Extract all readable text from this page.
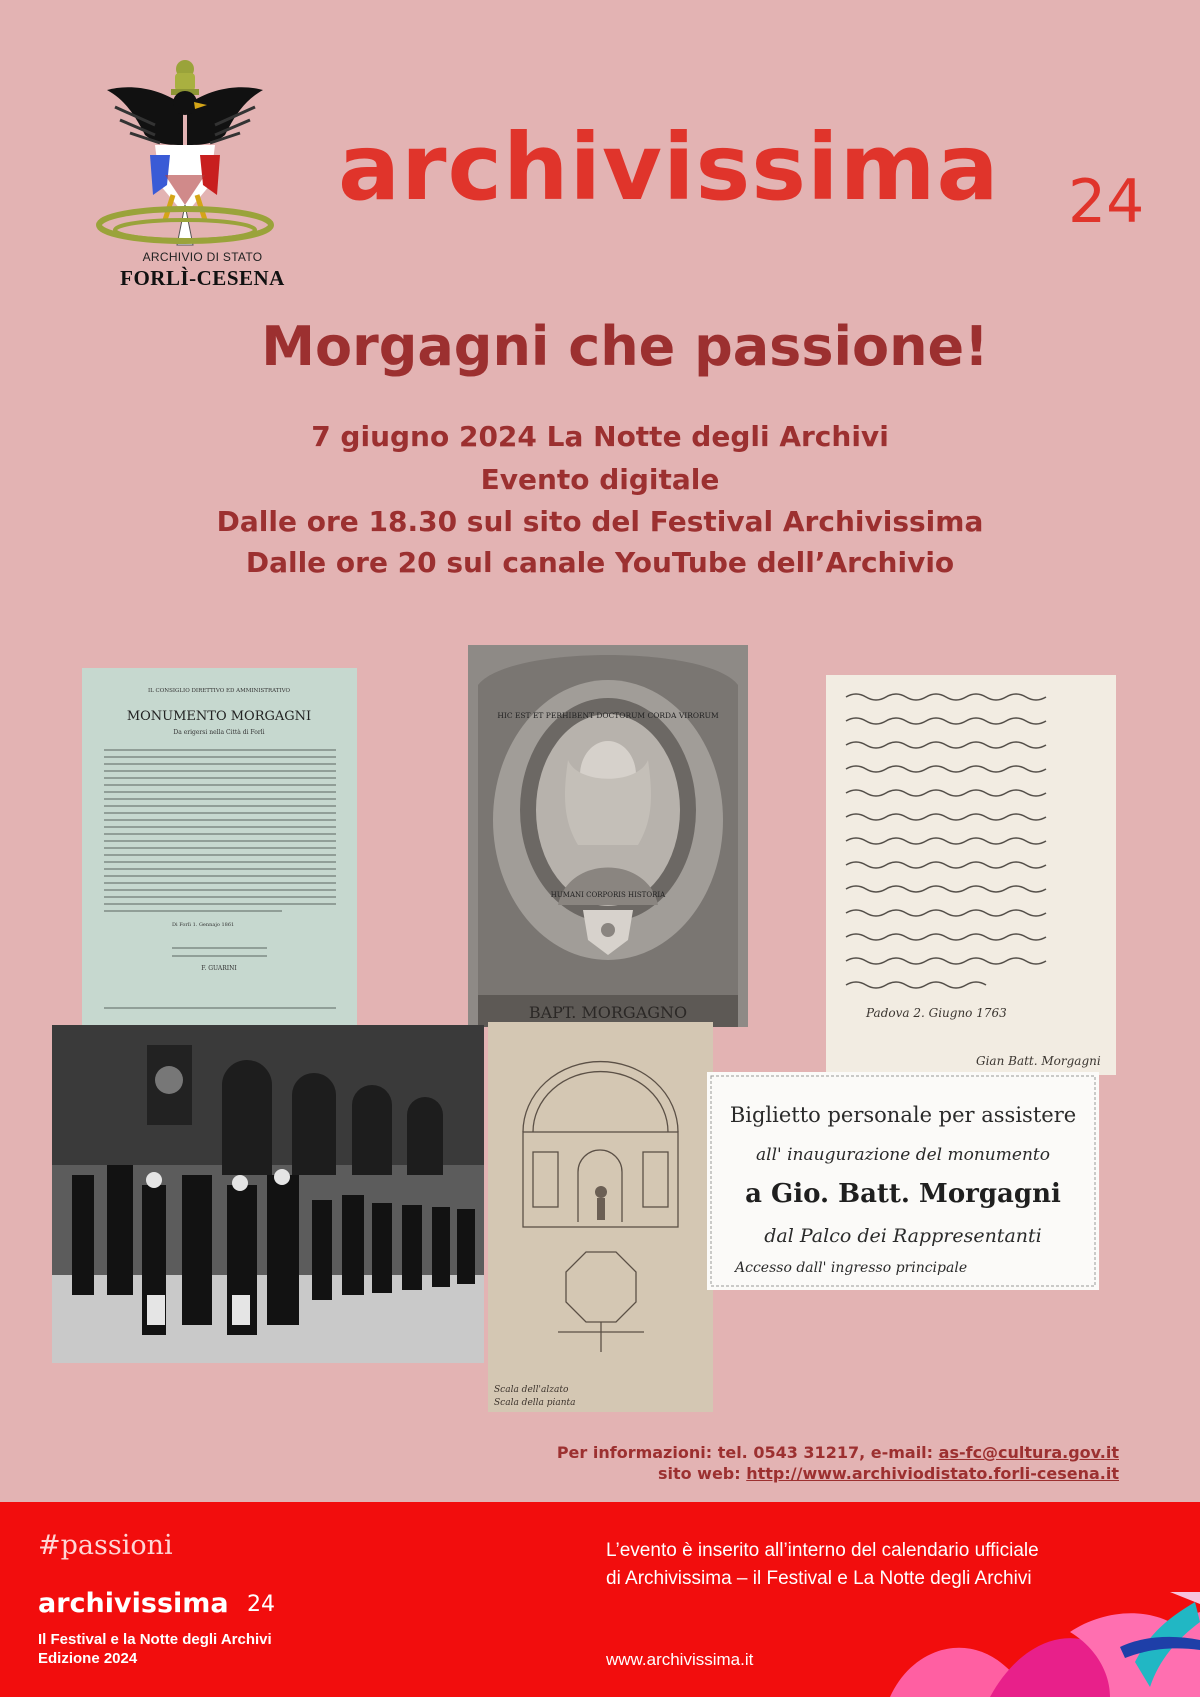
ARCHIVIO DI STATO
FORLÌ-CESENA
archivissima 24
Morgagni che passione!
7 giugno 2024 La Notte degli Archivi
Evento digitale
Dalle ore 18.30 sul sito del Festival Archivissima
Dalle ore 20 sul canale YouTube dell’Archivio
IL CONSIGLIO DIRETTIVO ED AMMINISTRATIVO
MONUMENTO MORGAGNI
Da erigersi nella Città di Forlì
Di Forlì 1. Gennajo 1861
F. GUARINI
HIC EST ET PERHIBENT DOCTORUM CORDA VIRORUM
HUMANI CORPORIS HISTORIA
BAPT. MORGAGNO	Padova 2. Giugno 1763
Gian Batt. Morgagni
Scala dell'alzato
Scala della pianta
Biglietto personale per assistere
all' inaugurazione del monumento
a Gio. Batt. Morgagni
dal Palco dei Rappresentanti
Accesso dall' ingresso principale
Per informazioni: tel. 0543 31217, e-mail: as-fc@cultura.gov.it
sito web: http://www.archiviodistato.forli-cesena.it
#passioni
archivissima 24
Il Festival e la Notte degli Archivi
Edizione 2024
L’evento è inserito all’interno del calendario ufficiale
di Archivissima – il Festival e La Notte degli Archivi
www.archivissima.it
